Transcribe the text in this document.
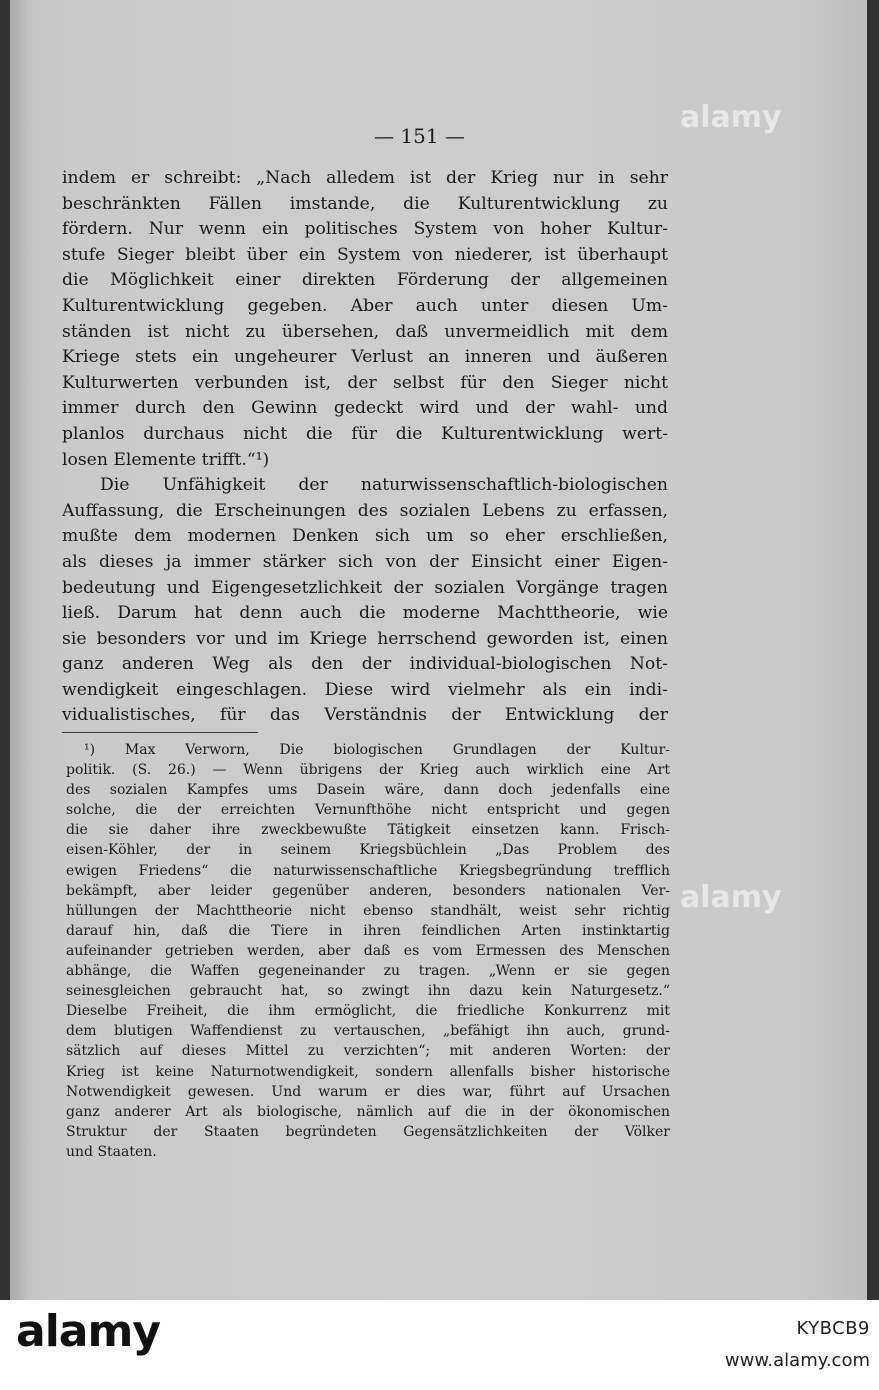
— 151 —
indem er schreibt: „Nach alledem ist der Krieg nur in sehr
beschränkten Fällen imstande, die Kulturentwicklung zu
fördern. Nur wenn ein politisches System von hoher Kultur-
stufe Sieger bleibt über ein System von niederer, ist überhaupt
die Möglichkeit einer direkten Förderung der allgemeinen
Kulturentwicklung gegeben. Aber auch unter diesen Um-
ständen ist nicht zu übersehen, daß unvermeidlich mit dem
Kriege stets ein ungeheurer Verlust an inneren und äußeren
Kulturwerten verbunden ist, der selbst für den Sieger nicht
immer durch den Gewinn gedeckt wird und der wahl- und
planlos durchaus nicht die für die Kulturentwicklung wert-
losen Elemente trifft.“¹)
Die Unfähigkeit der naturwissenschaftlich-biologischen
Auffassung, die Erscheinungen des sozialen Lebens zu erfassen,
mußte dem modernen Denken sich um so eher erschließen,
als dieses ja immer stärker sich von der Einsicht einer Eigen-
bedeutung und Eigengesetzlichkeit der sozialen Vorgänge tragen
ließ. Darum hat denn auch die moderne Machttheorie, wie
sie besonders vor und im Kriege herrschend geworden ist, einen
ganz anderen Weg als den der individual-biologischen Not-
wendigkeit eingeschlagen. Diese wird vielmehr als ein indi-
vidualistisches, für das Verständnis der Entwicklung der
¹) Max Verworn, Die biologischen Grundlagen der Kultur-
politik. (S. 26.) — Wenn übrigens der Krieg auch wirklich eine Art
des sozialen Kampfes ums Dasein wäre, dann doch jedenfalls eine
solche, die der erreichten Vernunfthöhe nicht entspricht und gegen
die sie daher ihre zweckbewußte Tätigkeit einsetzen kann. Frisch-
eisen-Köhler, der in seinem Kriegsbüchlein „Das Problem des
ewigen Friedens“ die naturwissenschaftliche Kriegsbegründung trefflich
bekämpft, aber leider gegenüber anderen, besonders nationalen Ver-
hüllungen der Machttheorie nicht ebenso standhält, weist sehr richtig
darauf hin, daß die Tiere in ihren feindlichen Arten instinktartig
aufeinander getrieben werden, aber daß es vom Ermessen des Menschen
abhänge, die Waffen gegeneinander zu tragen. „Wenn er sie gegen
seinesgleichen gebraucht hat, so zwingt ihn dazu kein Naturgesetz.“
Dieselbe Freiheit, die ihm ermöglicht, die friedliche Konkurrenz mit
dem blutigen Waffendienst zu vertauschen, „befähigt ihn auch, grund-
sätzlich auf dieses Mittel zu verzichten“; mit anderen Worten: der
Krieg ist keine Naturnotwendigkeit, sondern allenfalls bisher historische
Notwendigkeit gewesen. Und warum er dies war, führt auf Ursachen
ganz anderer Art als biologische, nämlich auf die in der ökonomischen
Struktur der Staaten begründeten Gegensätzlichkeiten der Völker
und Staaten.
alamy
alamy
alamy	KYBCB9
www.alamy.com
